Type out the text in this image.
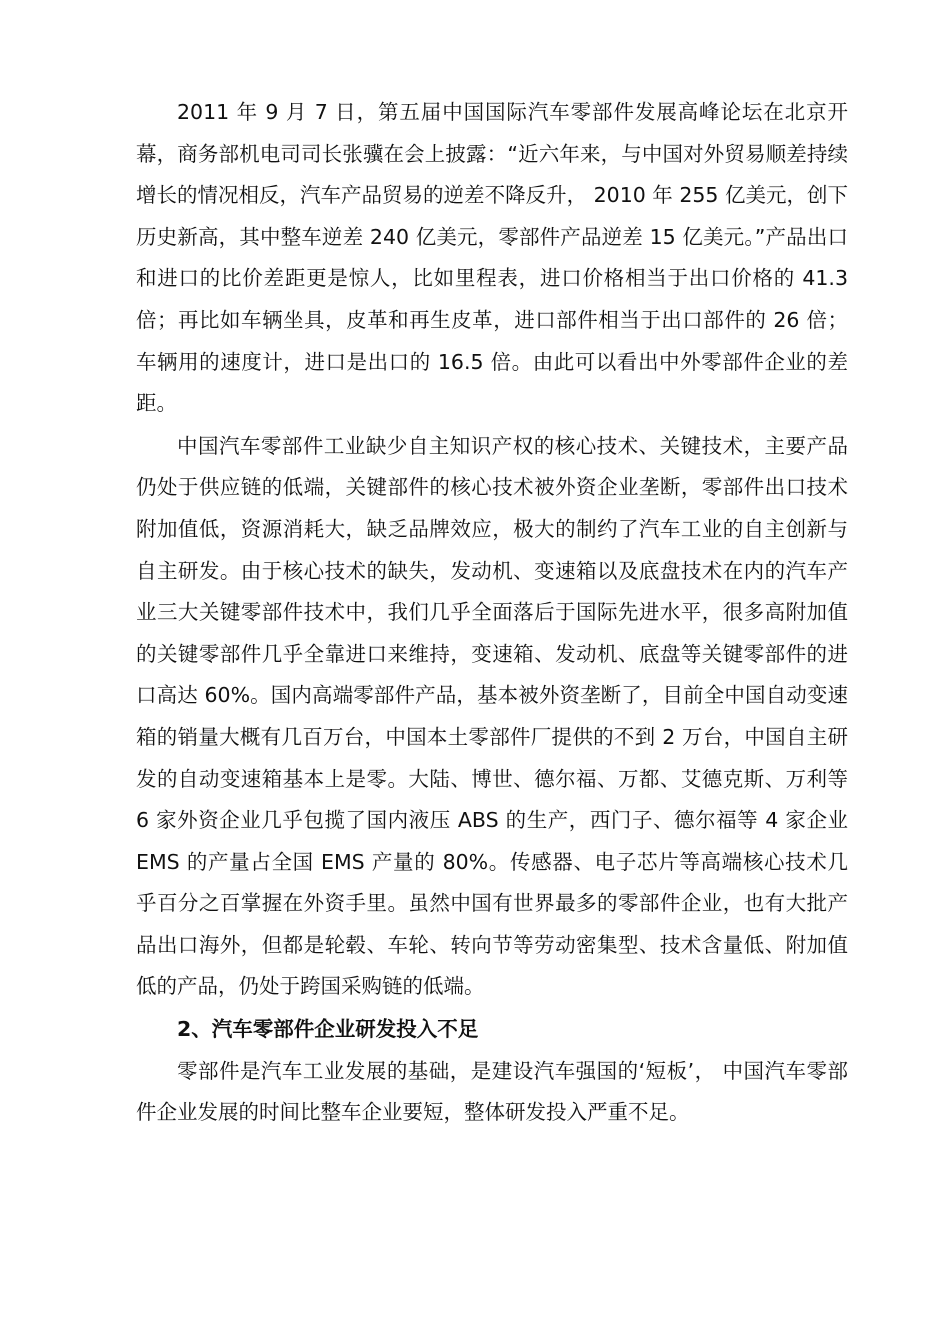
2011 年 9 月 7 日，第五届中国国际汽车零部件发展高峰论坛在北京开幕，商务部机电司司长张骥在会上披露：“近六年来，与中国对外贸易顺差持续增长的情况相反，汽车产品贸易的逆差不降反升， 2010 年 255 亿美元，创下历史新高，其中整车逆差 240 亿美元，零部件产品逆差 15 亿美元。”产品出口和进口的比价差距更是惊人，比如里程表，进口价格相当于出口价格的 41.3 倍；再比如车辆坐具，皮革和再生皮革，进口部件相当于出口部件的 26 倍；车辆用的速度计，进口是出口的 16.5 倍。由此可以看出中外零部件企业的差距。

中国汽车零部件工业缺少自主知识产权的核心技术、关键技术，主要产品仍处于供应链的低端，关键部件的核心技术被外资企业垄断，零部件出口技术附加值低，资源消耗大，缺乏品牌效应，极大的制约了汽车工业的自主创新与自主研发。由于核心技术的缺失，发动机、变速箱以及底盘技术在内的汽车产业三大关键零部件技术中，我们几乎全面落后于国际先进水平，很多高附加值的关键零部件几乎全靠进口来维持，变速箱、发动机、底盘等关键零部件的进口高达 60%。国内高端零部件产品，基本被外资垄断了，目前全中国自动变速箱的销量大概有几百万台，中国本土零部件厂提供的不到 2 万台，中国自主研发的自动变速箱基本上是零。大陆、博世、德尔福、万都、艾德克斯、万利等 6 家外资企业几乎包揽了国内液压 ABS 的生产，西门子、德尔福等 4 家企业 EMS 的产量占全国 EMS 产量的 80%。传感器、电子芯片等高端核心技术几乎百分之百掌握在外资手里。虽然中国有世界最多的零部件企业，也有大批产品出口海外，但都是轮毂、车轮、转向节等劳动密集型、技术含量低、附加值低的产品，仍处于跨国采购链的低端。

2、汽车零部件企业研发投入不足

零部件是汽车工业发展的基础，是建设汽车强国的‘短板’， 中国汽车零部件企业发展的时间比整车企业要短，整体研发投入严重不足。
